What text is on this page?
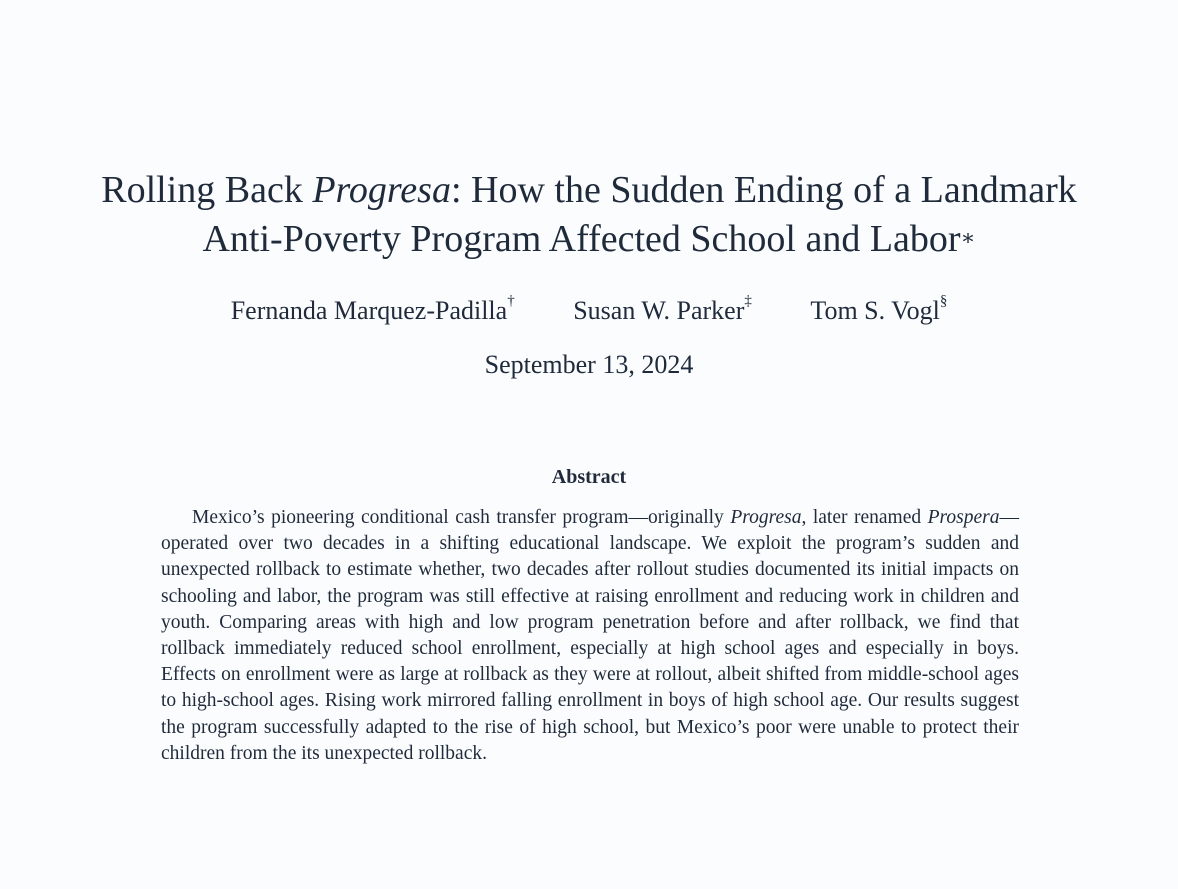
Rolling Back Progresa: How the Sudden Ending of a Landmark Anti-Poverty Program Affected School and Labor∗
Fernanda Marquez-Padilla† Susan W. Parker‡ Tom S. Vogl§
September 13, 2024
Abstract

Mexico’s pioneering conditional cash transfer program—originally Progresa, later renamed Prospera—operated over two decades in a shifting educational landscape. We exploit the program’s sudden and unexpected rollback to estimate whether, two decades after rollout studies documented its initial impacts on schooling and labor, the program was still effective at raising enrollment and reducing work in children and youth. Comparing areas with high and low program penetration before and after rollback, we find that rollback immediately reduced school enrollment, especially at high school ages and especially in boys. Effects on enrollment were as large at rollback as they were at rollout, albeit shifted from middle-school ages to high-school ages. Rising work mirrored falling enrollment in boys of high school age. Our results suggest the program successfully adapted to the rise of high school, but Mexico’s poor were unable to protect their children from the its unexpected rollback.
